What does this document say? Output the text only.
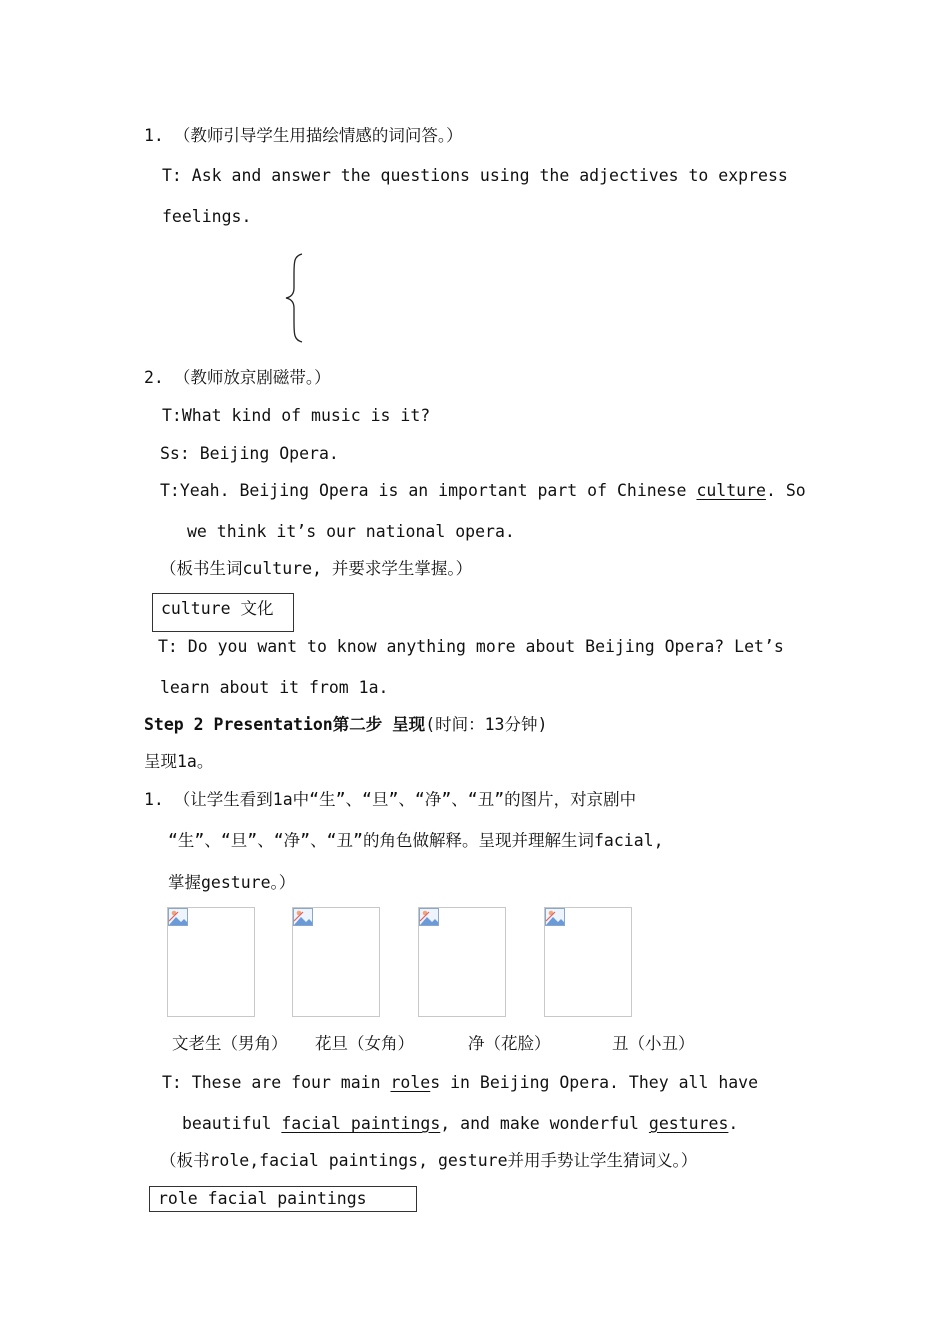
1. （教师引导学生用描绘情感的词问答。）
T: Ask and answer the questions using the adjectives to express
feelings.
2. （教师放京剧磁带。）
T:What kind of music is it?
Ss: Beijing Opera.
T:Yeah. Beijing Opera is an important part of Chinese culture. So
we think it’s our national opera.
（板书生词culture, 并要求学生掌握。）
culture 文化
T: Do you want to know anything more about Beijing Opera? Let’s
learn about it from 1a.
Step 2 Presentation第二步 呈现(时间：13分钟)
呈现1a。
1. （让学生看到1a中“生”、“旦”、“净”、“丑”的图片，对京剧中
“生”、“旦”、“净”、“丑”的角色做解释。呈现并理解生词facial,
掌握gesture。）
文老生（男角） 花旦（女角）	净（花脸）	丑（小丑）
T: These are four main roles in Beijing Opera. They all have
beautiful facial paintings, and make wonderful gestures.
（板书role,facial paintings, gesture并用手势让学生猜词义。）
role facial paintings
